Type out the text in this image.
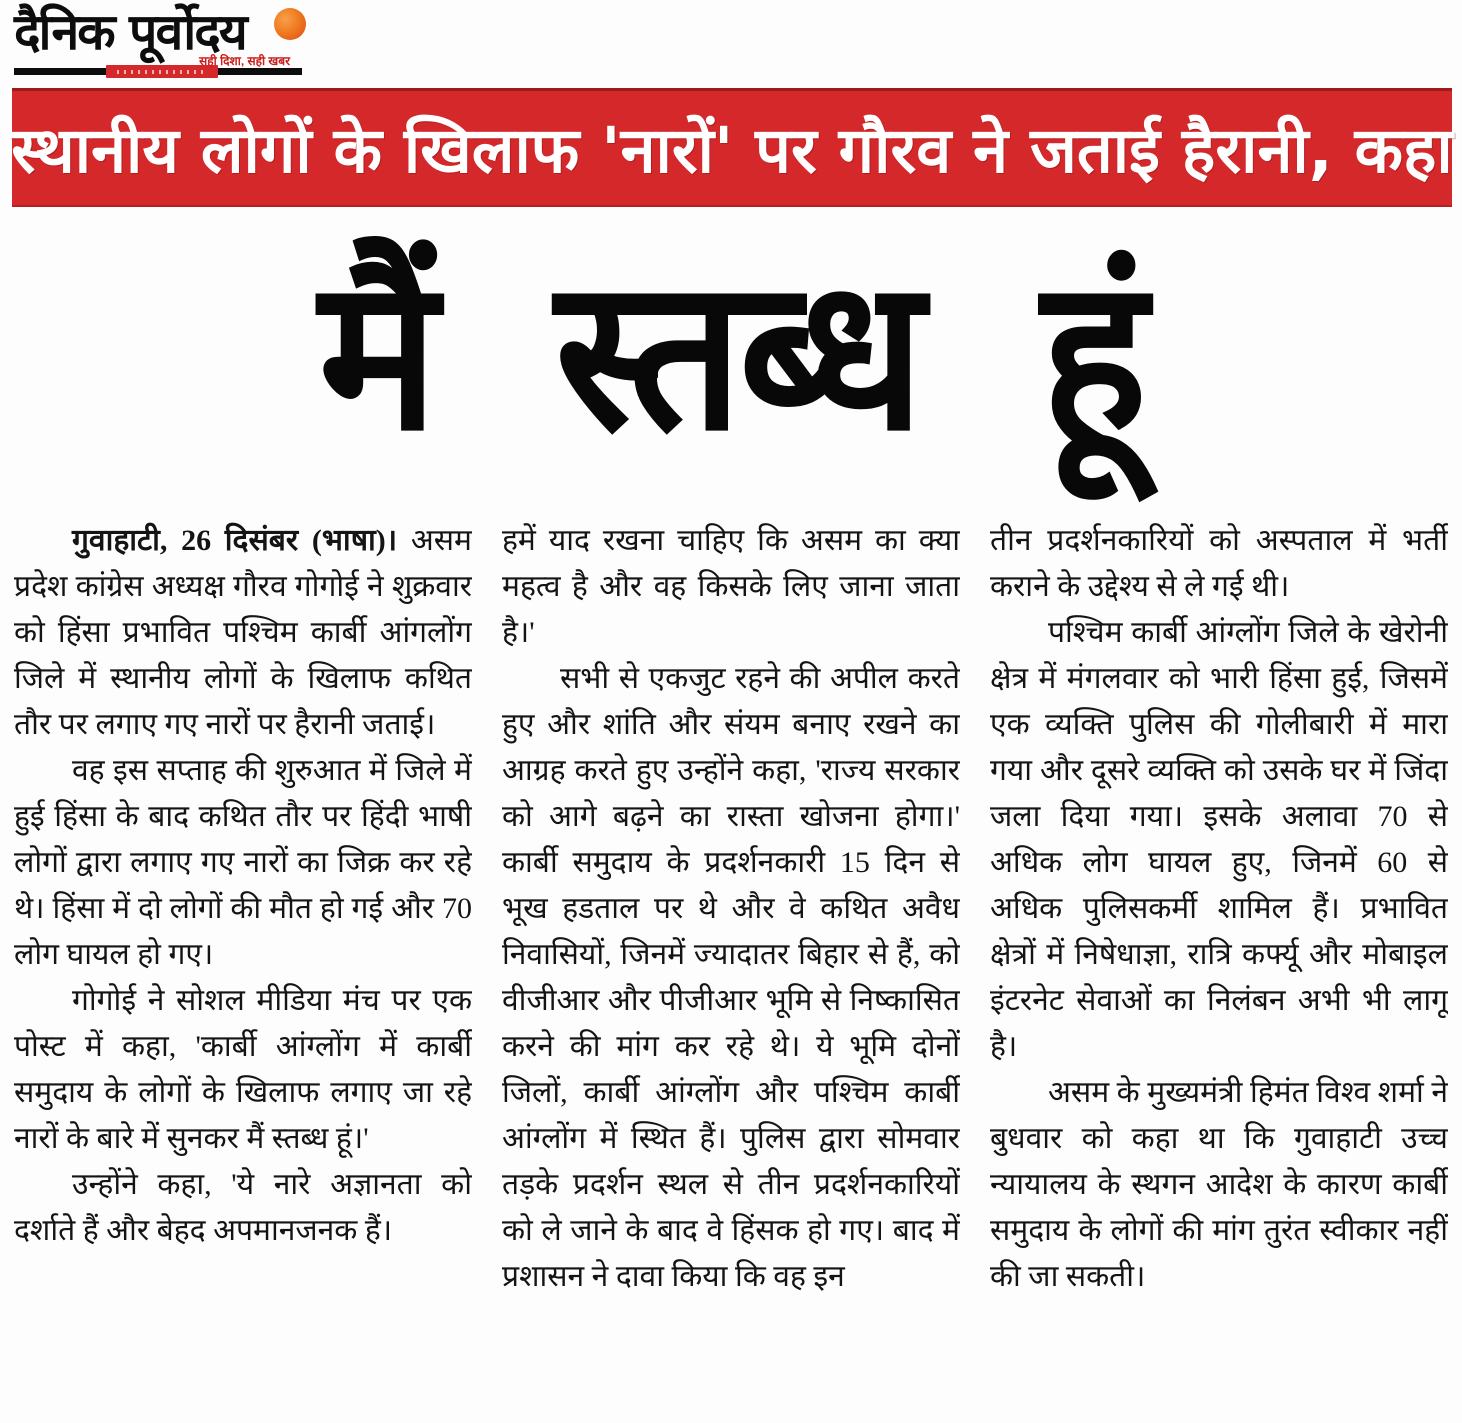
दैनिक पूर्वोदय
सही दिशा, सही खबर
स्थानीय लोगों के खिलाफ 'नारों' पर गौरव ने जताई हैरानी, कहा
मैं स्तब्ध हूं

गुवाहाटी, 26 दिसंबर (भाषा)। असम प्रदेश कांग्रेस अध्यक्ष गौरव गोगोई ने शुक्रवार को हिंसा प्रभावित पश्चिम कार्बी आंगलोंग जिले में स्थानीय लोगों के खिलाफ कथित तौर पर लगाए गए नारों पर हैरानी जताई।

वह इस सप्ताह की शुरुआत में जिले में हुई हिंसा के बाद कथित तौर पर हिंदी भाषी लोगों द्वारा लगाए गए नारों का जिक्र कर रहे थे। हिंसा में दो लोगों की मौत हो गई और 70 लोग घायल हो गए।

गोगोई ने सोशल मीडिया मंच पर एक पोस्ट में कहा, 'कार्बी आंग्लोंग में कार्बी समुदाय के लोगों के खिलाफ लगाए जा रहे नारों के बारे में सुनकर मैं स्तब्ध हूं।'

उन्होंने कहा, 'ये नारे अज्ञानता को दर्शाते हैं और बेहद अपमानजनक हैं।

हमें याद रखना चाहिए कि असम का क्या महत्व है और वह किसके लिए जाना जाता है।'

सभी से एकजुट रहने की अपील करते हुए और शांति और संयम बनाए रखने का आग्रह करते हुए उन्होंने कहा, 'राज्य सरकार को आगे बढ़ने का रास्ता खोजना होगा।' कार्बी समुदाय के प्रदर्शनकारी 15 दिन से भूख हडताल पर थे और वे कथित अवैध निवासियों, जिनमें ज्यादातर बिहार से हैं, को वीजीआर और पीजीआर भूमि से निष्कासित करने की मांग कर रहे थे। ये भूमि दोनों जिलों, कार्बी आंग्लोंग और पश्चिम कार्बी आंग्लोंग में स्थित हैं। पुलिस द्वारा सोमवार तड़के प्रदर्शन स्थल से तीन प्रदर्शनकारियों को ले जाने के बाद वे हिंसक हो गए। बाद में प्रशासन ने दावा किया कि वह इन

तीन प्रदर्शनकारियों को अस्पताल में भर्ती कराने के उद्देश्य से ले गई थी।

पश्चिम कार्बी आंग्लोंग जिले के खेरोनी क्षेत्र में मंगलवार को भारी हिंसा हुई, जिसमें एक व्यक्ति पुलिस की गोलीबारी में मारा गया और दूसरे व्यक्ति को उसके घर में जिंदा जला दिया गया। इसके अलावा 70 से अधिक लोग घायल हुए, जिनमें 60 से अधिक पुलिसकर्मी शामिल हैं। प्रभावित क्षेत्रों में निषेधाज्ञा, रात्रि कर्फ्यू और मोबाइल इंटरनेट सेवाओं का निलंबन अभी भी लागू है।

असम के मुख्यमंत्री हिमंत विश्व शर्मा ने बुधवार को कहा था कि गुवाहाटी उच्च न्यायालय के स्थगन आदेश के कारण कार्बी समुदाय के लोगों की मांग तुरंत स्वीकार नहीं की जा सकती।
